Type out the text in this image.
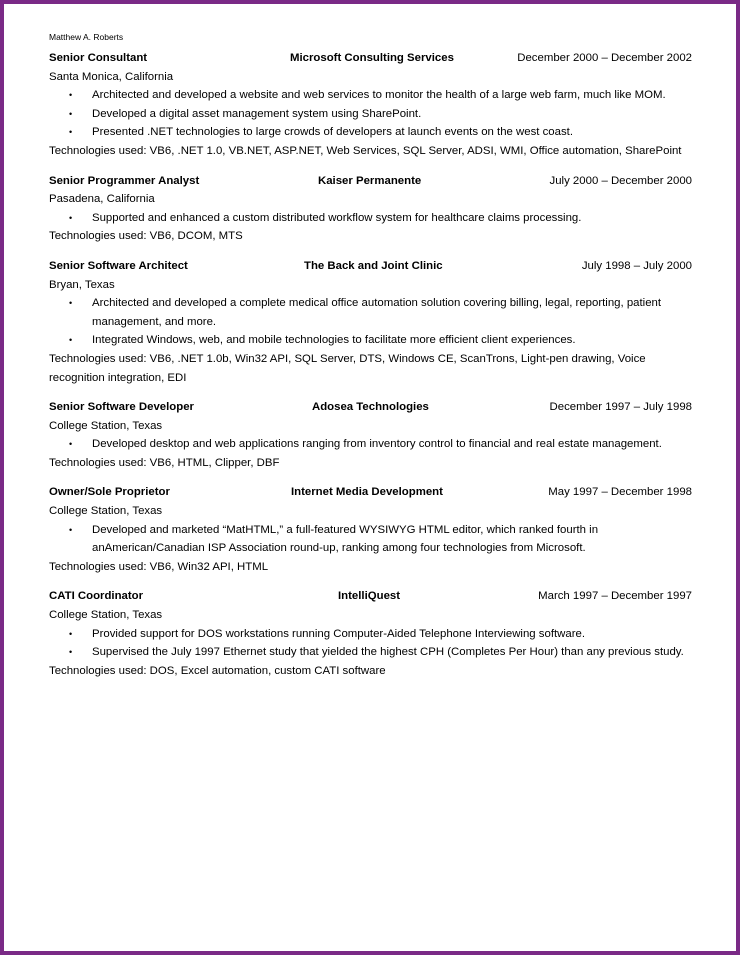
Matthew A. Roberts
Senior Consultant	Microsoft Consulting Services	December 2000 – December 2002
Santa Monica, California
• Architected and developed a website and web services to monitor the health of a large web farm, much like MOM.
• Developed a digital asset management system using SharePoint.
• Presented .NET technologies to large crowds of developers at launch events on the west coast.
Technologies used: VB6, .NET 1.0, VB.NET, ASP.NET, Web Services, SQL Server, ADSI, WMI, Office automation, SharePoint
Senior Programmer Analyst	Kaiser Permanente	July 2000 – December 2000
Pasadena, California
• Supported and enhanced a custom distributed workflow system for healthcare claims processing.
Technologies used: VB6, DCOM, MTS
Senior Software Architect	The Back and Joint Clinic	July 1998 – July 2000
Bryan, Texas
• Architected and developed a complete medical office automation solution covering billing, legal, reporting, patient management, and more.
• Integrated Windows, web, and mobile technologies to facilitate more efficient client experiences.
Technologies used: VB6, .NET 1.0b, Win32 API, SQL Server, DTS, Windows CE, ScanTrons, Light-pen drawing, Voice recognition integration, EDI
Senior Software Developer	Adosea Technologies	December 1997 – July 1998
College Station, Texas
• Developed desktop and web applications ranging from inventory control to financial and real estate management.
Technologies used: VB6, HTML, Clipper, DBF
Owner/Sole Proprietor	Internet Media Development	May 1997 – December 1998
College Station, Texas
• Developed and marketed “MatHTML,” a full-featured WYSIWYG HTML editor, which ranked fourth in anAmerican/Canadian ISP Association round-up, ranking among four technologies from Microsoft.
Technologies used: VB6, Win32 API, HTML
CATI Coordinator	IntelliQuest	March 1997 – December 1997
College Station, Texas
• Provided support for DOS workstations running Computer-Aided Telephone Interviewing software.
• Supervised the July 1997 Ethernet study that yielded the highest CPH (Completes Per Hour) than any previous study.
Technologies used: DOS, Excel automation, custom CATI software
